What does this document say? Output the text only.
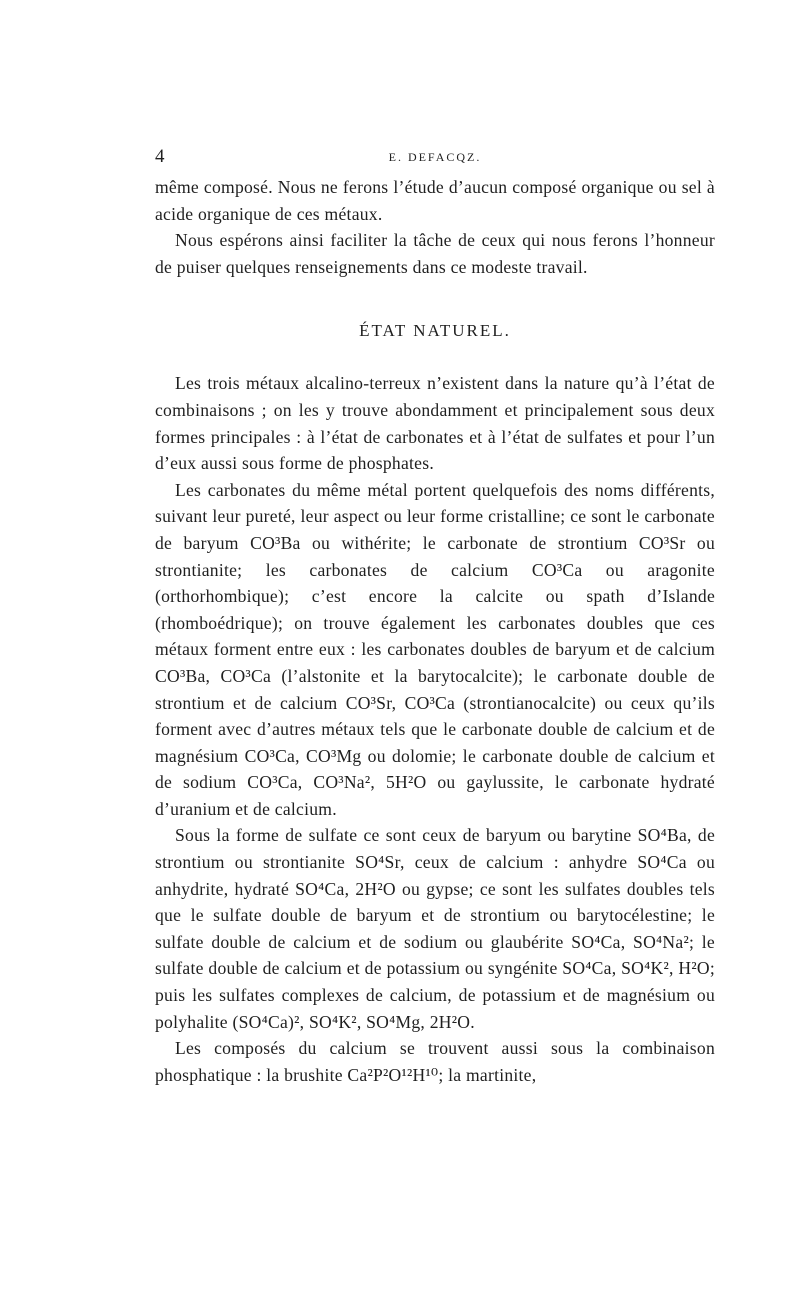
4	E. DEFACQZ.

même composé. Nous ne ferons l’étude d’aucun composé organique ou sel à acide organique de ces métaux.

Nous espérons ainsi faciliter la tâche de ceux qui nous ferons l’honneur de puiser quelques renseignements dans ce modeste travail.

ÉTAT NATUREL.

Les trois métaux alcalino-terreux n’existent dans la nature qu’à l’état de combinaisons ; on les y trouve abondamment et principalement sous deux formes principales : à l’état de carbonates et à l’état de sulfates et pour l’un d’eux aussi sous forme de phosphates.

Les carbonates du même métal portent quelquefois des noms différents, suivant leur pureté, leur aspect ou leur forme cristalline; ce sont le carbonate de baryum CO³Ba ou withérite; le carbonate de strontium CO³Sr ou strontianite; les carbonates de calcium CO³Ca ou aragonite (orthorhombique); c’est encore la calcite ou spath d’Islande (rhomboédrique); on trouve également les carbonates doubles que ces métaux forment entre eux : les carbonates doubles de baryum et de calcium CO³Ba, CO³Ca (l’alstonite et la barytocalcite); le carbonate double de strontium et de calcium CO³Sr, CO³Ca (strontianocalcite) ou ceux qu’ils forment avec d’autres métaux tels que le carbonate double de calcium et de magnésium CO³Ca, CO³Mg ou dolomie; le carbonate double de calcium et de sodium CO³Ca, CO³Na², 5H²O ou gaylussite, le carbonate hydraté d’uranium et de calcium.

Sous la forme de sulfate ce sont ceux de baryum ou barytine SO⁴Ba, de strontium ou strontianite SO⁴Sr, ceux de calcium : anhydre SO⁴Ca ou anhydrite, hydraté SO⁴Ca, 2H²O ou gypse; ce sont les sulfates doubles tels que le sulfate double de baryum et de strontium ou barytocélestine; le sulfate double de calcium et de sodium ou glaubérite SO⁴Ca, SO⁴Na²; le sulfate double de calcium et de potassium ou syngénite SO⁴Ca, SO⁴K², H²O; puis les sulfates complexes de calcium, de potassium et de magnésium ou polyhalite (SO⁴Ca)², SO⁴K², SO⁴Mg, 2H²O.

Les composés du calcium se trouvent aussi sous la combinaison phosphatique : la brushite Ca²P²O¹²H¹⁰; la martinite,
